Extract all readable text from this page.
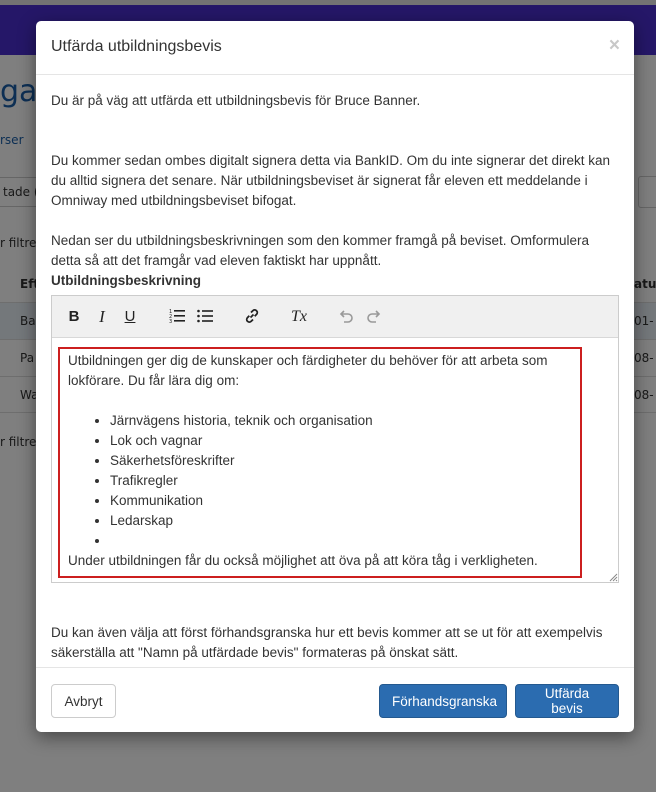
Utfärda utbildningsbevis	×

Du är på väg att utfärda ett utbildningsbevis för Bruce Banner.

Du kommer sedan ombes digitalt signera detta via BankID. Om du inte signerar det direkt kan du alltid signera det senare. När utbildningsbeviset är signerat får eleven ett meddelande i Omniway med utbildningsbeviset bifogat.

Nedan ser du utbildningsbeskrivningen som den kommer framgå på beviset. Omformulera detta så att det framgår vad eleven faktiskt har uppnått.

Utbildningsbeskrivning

B	I	U	1
2
3	Tx

Utbildningen ger dig de kunskaper och färdigheter du behöver för att arbeta som lokförare. Du får lära dig om:

• Järnvägens historia, teknik och organisation
• Lok och vagnar
• Säkerhetsföreskrifter
• Trafikregler
• Kommunikation
• Ledarskap
•

Under utbildningen får du också möjlighet att öva på att köra tåg i verkligheten.

Du kan även välja att först förhandsgranska hur ett bevis kommer att se ut för att exempelvis säkerställa att "Namn på utfärdade bevis" formateras på önskat sätt.

Avbryt	Förhandsgranska	Utfärda bevis
